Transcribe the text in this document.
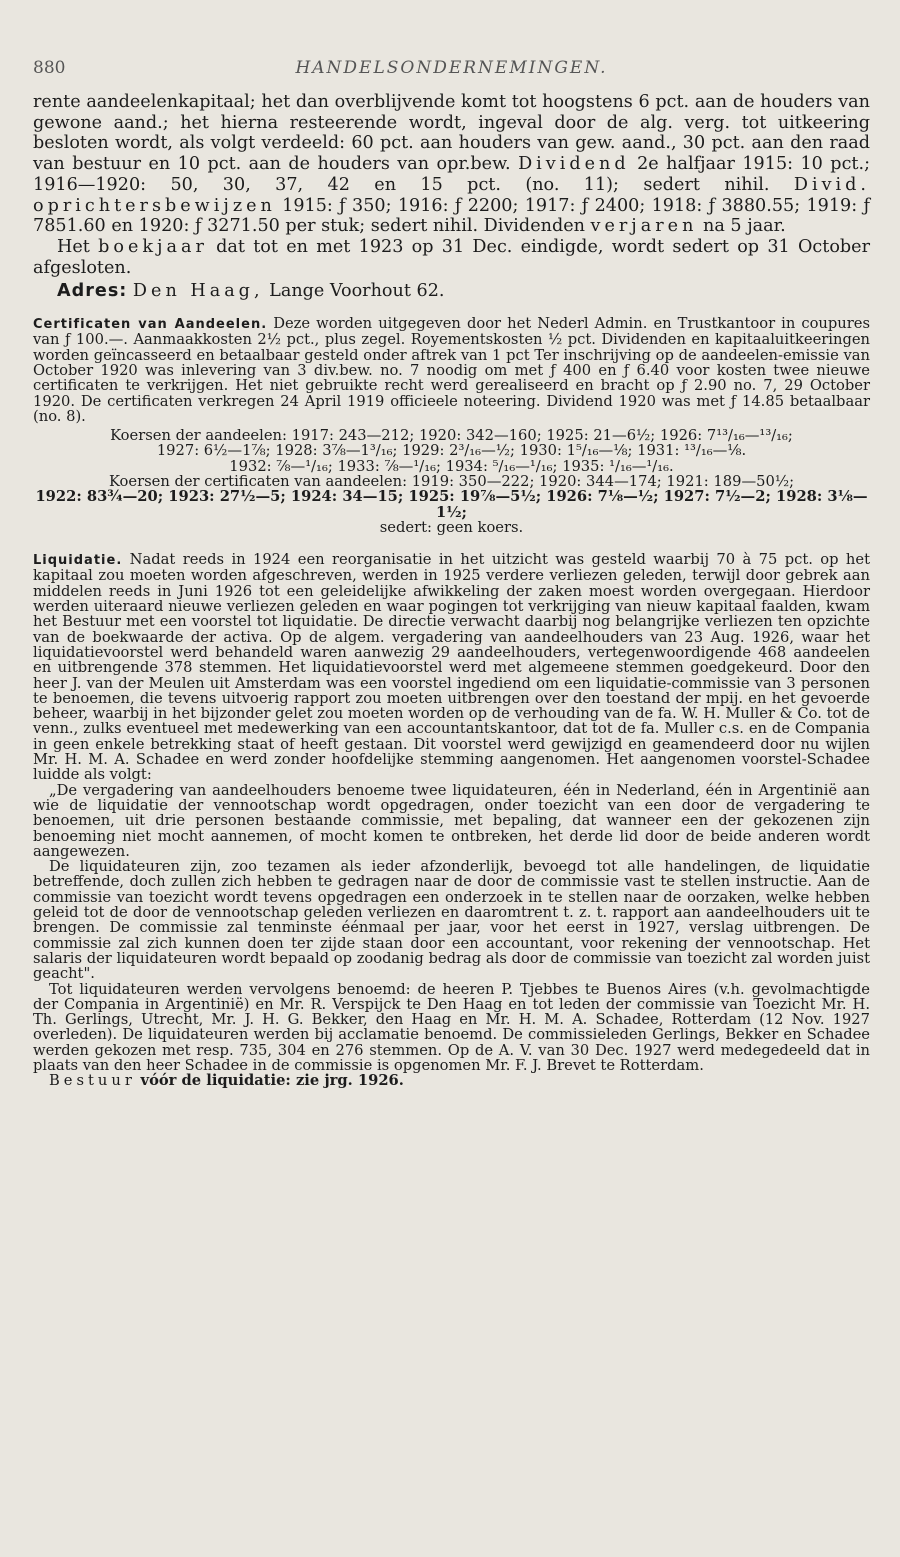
880	HANDELSONDERNEMINGEN.

rente aandeelenkapitaal; het dan overblijvende komt tot hoogstens 6 pct. aan de houders van gewone aand.; het hierna resteerende wordt, ingeval door de alg. verg. tot uitkeering besloten wordt, als volgt verdeeld: 60 pct. aan houders van gew. aand., 30 pct. aan den raad van bestuur en 10 pct. aan de houders van opr.bew. Dividend 2e halfjaar 1915: 10 pct.; 1916—1920: 50, 30, 37, 42 en 15 pct. (no. 11); sedert nihil. Divid. oprichtersbewijzen 1915: ƒ 350; 1916: ƒ 2200; 1917: ƒ 2400; 1918: ƒ 3880.55; 1919: ƒ 7851.60 en 1920: ƒ 3271.50 per stuk; sedert nihil. Dividenden verjaren na 5 jaar.

Het boekjaar dat tot en met 1923 op 31 Dec. eindigde, wordt sedert op 31 October afgesloten.

Adres: Den Haag, Lange Voorhout 62.

Certificaten van Aandeelen. Deze worden uitgegeven door het Nederl Admin. en Trustkantoor in coupures van ƒ 100.—. Aanmaakkosten 2½ pct., plus zegel. Royementskosten ½ pct. Dividenden en kapitaaluitkeeringen worden geïncasseerd en betaalbaar gesteld onder aftrek van 1 pct Ter inschrijving op de aandeelen-emissie van October 1920 was inlevering van 3 div.bew. no. 7 noodig om met ƒ 400 en ƒ 6.40 voor kosten twee nieuwe certificaten te verkrijgen. Het niet gebruikte recht werd gerealiseerd en bracht op ƒ 2.90 no. 7, 29 October 1920. De certificaten verkregen 24 April 1919 officieele noteering. Dividend 1920 was met ƒ 14.85 betaalbaar (no. 8).

Koersen der aandeelen: 1917: 243—212; 1920: 342—160; 1925: 21—6½; 1926: 7¹³/₁₆—¹³/₁₆;

1927: 6½—1⅞; 1928: 3⅞—1³/₁₆; 1929: 2³/₁₆—½; 1930: 1⁵/₁₆—⅛; 1931: ¹³/₁₆—⅛.

1932: ⅞—¹/₁₆; 1933: ⅞—¹/₁₆; 1934: ⁵/₁₆—¹/₁₆; 1935: ¹/₁₆—¹/₁₆.

Koersen der certificaten van aandeelen: 1919: 350—222; 1920: 344—174; 1921: 189—50½;

1922: 83¾—20; 1923: 27½—5; 1924: 34—15; 1925: 19⅞—5½; 1926: 7⅛—½; 1927: 7½—2; 1928: 3⅛—1½;

sedert: geen koers.

Liquidatie. Nadat reeds in 1924 een reorganisatie in het uitzicht was gesteld waarbij 70 à 75 pct. op het kapitaal zou moeten worden afgeschreven, werden in 1925 verdere verliezen geleden, terwijl door gebrek aan middelen reeds in Juni 1926 tot een geleidelijke afwikkeling der zaken moest worden overgegaan. Hierdoor werden uiteraard nieuwe verliezen geleden en waar pogingen tot verkrijging van nieuw kapitaal faalden, kwam het Bestuur met een voorstel tot liquidatie. De directie verwacht daarbij nog belangrijke verliezen ten opzichte van de boekwaarde der activa. Op de algem. vergadering van aandeelhouders van 23 Aug. 1926, waar het liquidatievoorstel werd behandeld waren aanwezig 29 aandeelhouders, vertegenwoordigende 468 aandeelen en uitbrengende 378 stemmen. Het liquidatievoorstel werd met algemeene stemmen goedgekeurd. Door den heer J. van der Meulen uit Amsterdam was een voorstel ingediend om een liquidatie-commissie van 3 personen te benoemen, die tevens uitvoerig rapport zou moeten uitbrengen over den toestand der mpij. en het gevoerde beheer, waarbij in het bijzonder gelet zou moeten worden op de verhouding van de fa. W. H. Muller & Co. tot de venn., zulks eventueel met medewerking van een accountantskantoor, dat tot de fa. Muller c.s. en de Compania in geen enkele betrekking staat of heeft gestaan. Dit voorstel werd gewijzigd en geamendeerd door nu wijlen Mr. H. M. A. Schadee en werd zonder hoofdelijke stemming aangenomen. Het aangenomen voorstel-Schadee luidde als volgt:

„De vergadering van aandeelhouders benoeme twee liquidateuren, één in Nederland, één in Argentinië aan wie de liquidatie der vennootschap wordt opgedragen, onder toezicht van een door de vergadering te benoemen, uit drie personen bestaande commissie, met bepaling, dat wanneer een der gekozenen zijn benoeming niet mocht aannemen, of mocht komen te ontbreken, het derde lid door de beide anderen wordt aangewezen.

De liquidateuren zijn, zoo tezamen als ieder afzonderlijk, bevoegd tot alle handelingen, de liquidatie betreffende, doch zullen zich hebben te gedragen naar de door de commissie vast te stellen instructie. Aan de commissie van toezicht wordt tevens opgedragen een onderzoek in te stellen naar de oorzaken, welke hebben geleid tot de door de vennootschap geleden verliezen en daaromtrent t. z. t. rapport aan aandeelhouders uit te brengen. De commissie zal tenminste éénmaal per jaar, voor het eerst in 1927, verslag uitbrengen. De commissie zal zich kunnen doen ter zijde staan door een accountant, voor rekening der vennootschap. Het salaris der liquidateuren wordt bepaald op zoodanig bedrag als door de commissie van toezicht zal worden juist geacht".

Tot liquidateuren werden vervolgens benoemd: de heeren P. Tjebbes te Buenos Aires (v.h. gevolmachtigde der Compania in Argentinië) en Mr. R. Verspijck te Den Haag en tot leden der commissie van Toezicht Mr. H. Th. Gerlings, Utrecht, Mr. J. H. G. Bekker, den Haag en Mr. H. M. A. Schadee, Rotterdam (12 Nov. 1927 overleden). De liquidateuren werden bij acclamatie benoemd. De commissieleden Gerlings, Bekker en Schadee werden gekozen met resp. 735, 304 en 276 stemmen. Op de A. V. van 30 Dec. 1927 werd medegedeeld dat in plaats van den heer Schadee in de commissie is opgenomen Mr. F. J. Brevet te Rotterdam.

Bestuur vóór de liquidatie: zie jrg. 1926.
